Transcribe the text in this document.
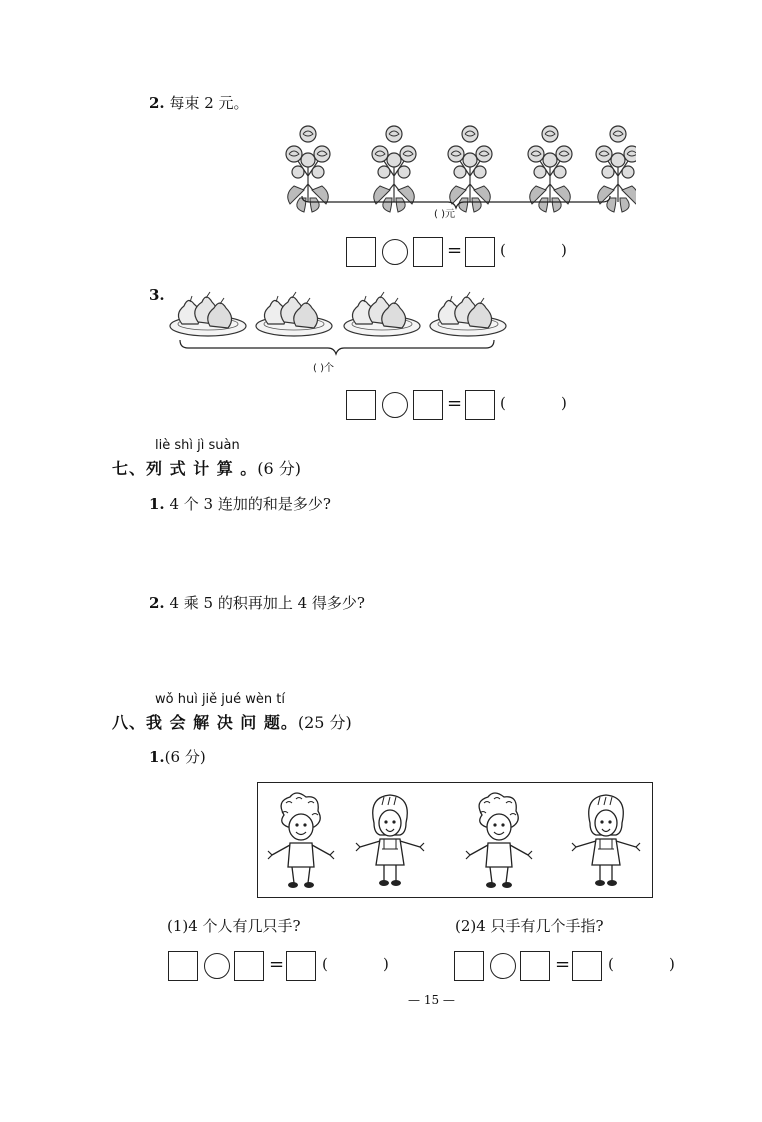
2. 每束 2 元。
( )元
=	(	)
3.
( )个
=	(	)
liè shì jì suàn
七、列 式 计 算 。(6 分)
1. 4 个 3 连加的和是多少?
2. 4 乘 5 的积再加上 4 得多少?
wǒ huì jiě jué wèn tí
八、我 会 解 决 问 题。(25 分)
1.(6 分)
(1)4 个人有几只手?	(2)4 只手有几个手指?
=	(	)	=	(	)
— 15 —
